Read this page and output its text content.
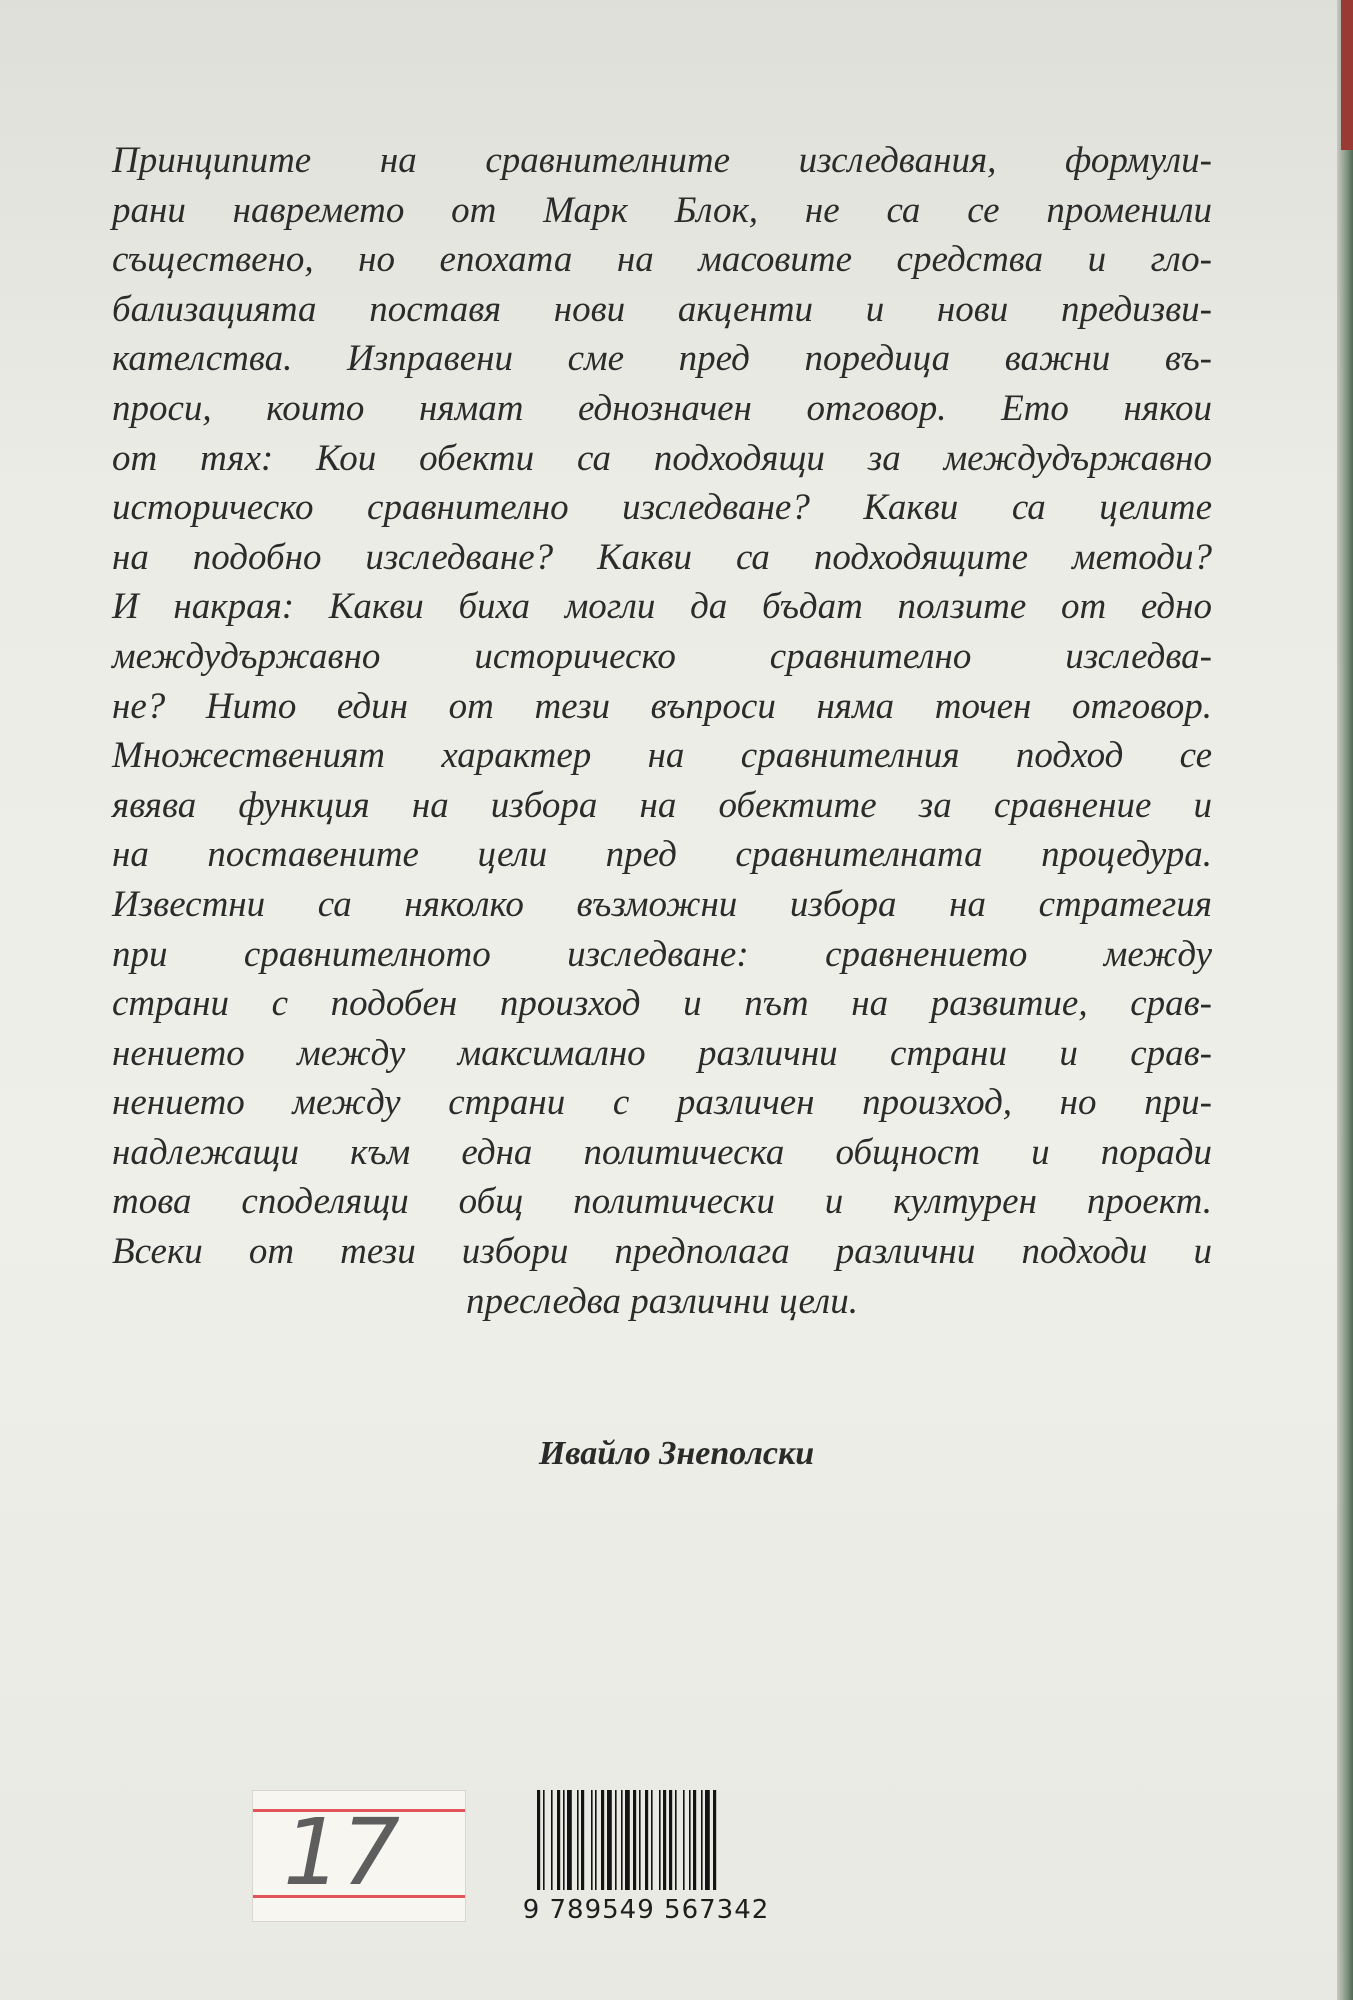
Принципите на сравнителните изследвания, формули-
рани навремето от Марк Блок, не са се променили
съществено, но епохата на масовите средства и гло-
бализацията поставя нови акценти и нови предизви-
кателства. Изправени сме пред поредица важни въ-
проси, които нямат еднозначен отговор. Ето някои
от тях: Кои обекти са подходящи за междудържавно
историческо сравнително изследване? Какви са целите
на подобно изследване? Какви са подходящите методи?
И накрая: Какви биха могли да бъдат ползите от едно
междудържавно историческо сравнително изследва-
не? Нито един от тези въпроси няма точен отговор.
Множественият характер на сравнителния подход се
явява функция на избора на обектите за сравнение и
на поставените цели пред сравнителната процедура.
Известни са няколко възможни избора на стратегия
при сравнителното изследване: сравнението между
страни с подобен произход и път на развитие, срав-
нението между максимално различни страни и срав-
нението между страни с различен произход, но при-
надлежащи към една политическа общност и поради
това споделящи общ политически и културен проект.
Всеки от тези избори предполага различни подходи и
преследва различни цели.

Ивайло Знеполски

17
9 789549 567342
